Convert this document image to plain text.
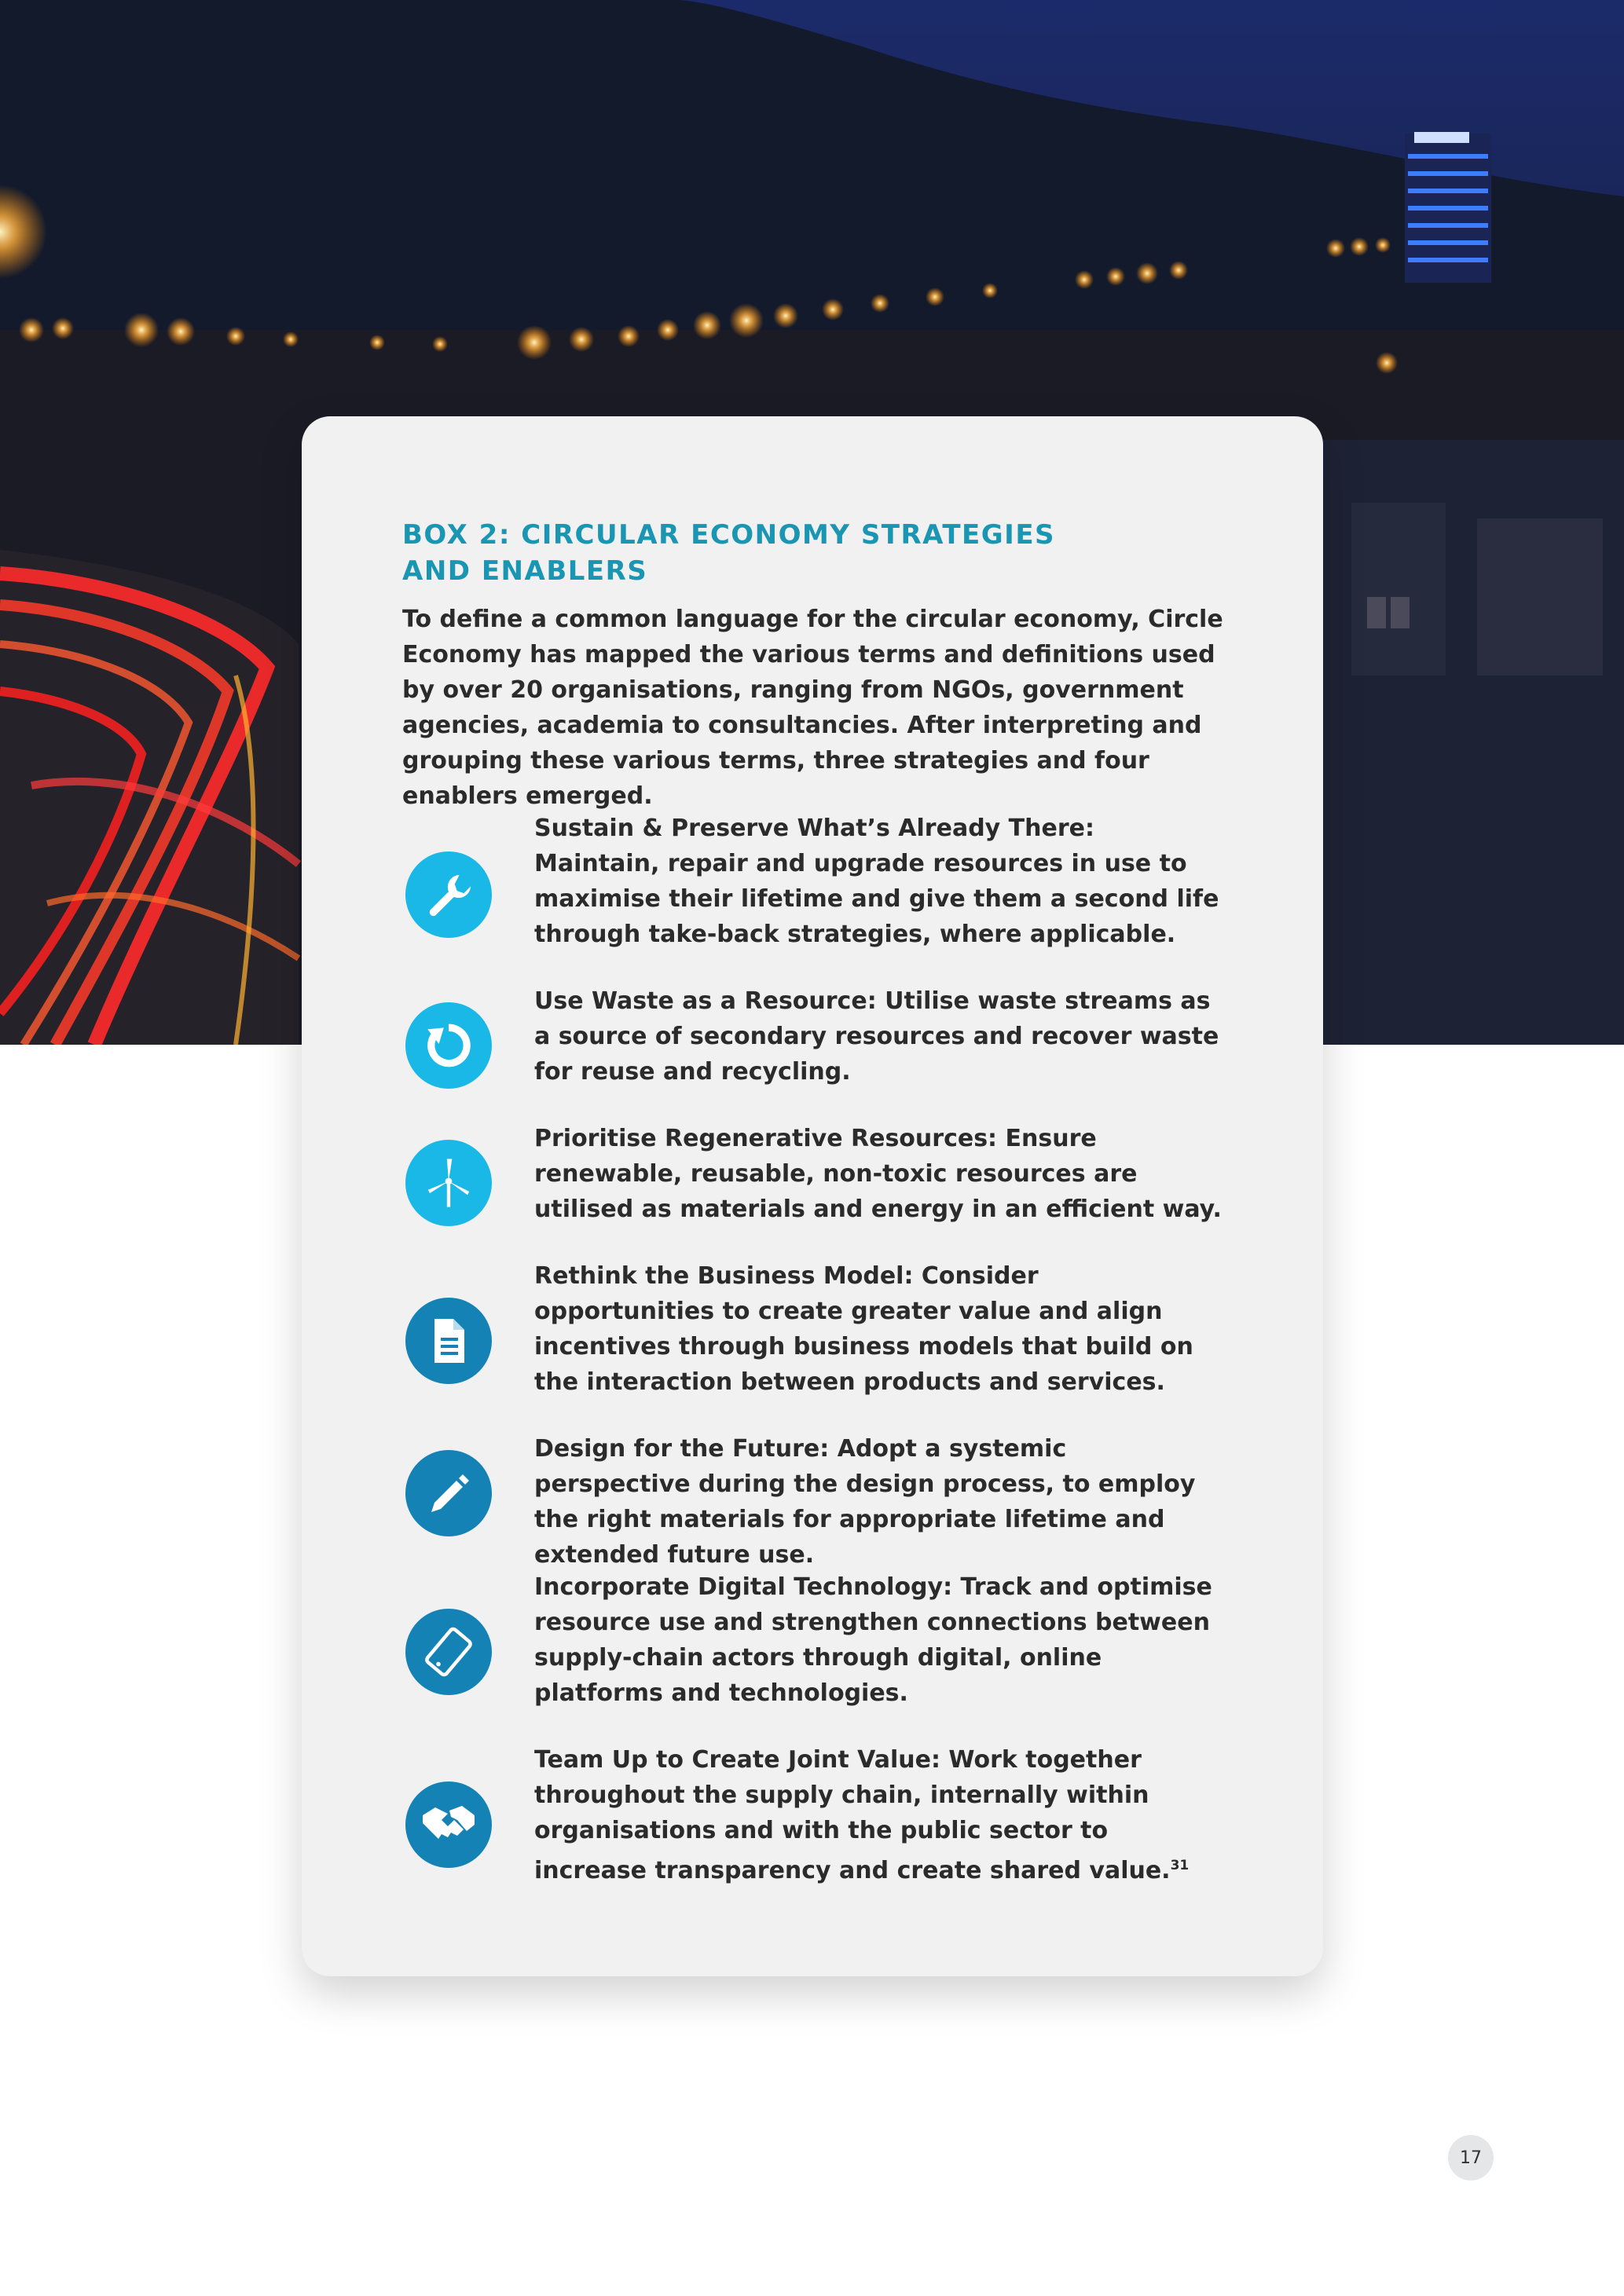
BOX 2: CIRCULAR ECONOMY STRATEGIES
AND ENABLERS

To define a common language for the circular economy, Circle Economy has mapped the various terms and definitions used by over 20 organisations, ranging from NGOs, government agencies, academia to consultancies. After interpreting and grouping these various terms, three strategies and four enablers emerged.

Sustain & Preserve What’s Already There: Maintain, repair and upgrade resources in use to maximise their lifetime and give them a second life through take-back strategies, where applicable.

Use Waste as a Resource: Utilise waste streams as a source of secondary resources and recover waste for reuse and recycling.

Prioritise Regenerative Resources: Ensure renewable, reusable, non-toxic resources are utilised as materials and energy in an efficient way.

Rethink the Business Model: Consider opportunities to create greater value and align incentives through business models that build on the interaction between products and services.

Design for the Future: Adopt a systemic perspective during the design process, to employ the right materials for appropriate lifetime and extended future use.

Incorporate Digital Technology: Track and optimise resource use and strengthen connections between supply-chain actors through digital, online platforms and technologies.

Team Up to Create Joint Value: Work together throughout the supply chain, internally within organisations and with the public sector to increase transparency and create shared value.$^{31}$

17
